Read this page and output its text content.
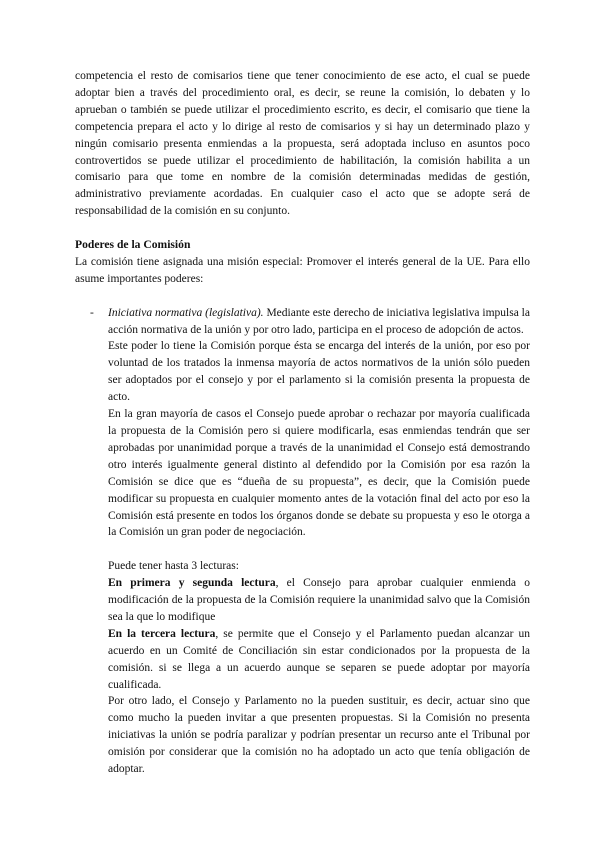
competencia el resto de comisarios tiene que tener conocimiento de ese acto, el cual se puede adoptar bien a través del procedimiento oral, es decir, se reune la comisión, lo debaten y lo aprueban o también se puede utilizar el procedimiento escrito, es decir, el comisario que tiene la competencia prepara el acto y lo dirige al resto de comisarios y si hay un determinado plazo y ningún comisario presenta enmiendas a la propuesta, será adoptada incluso en asuntos poco controvertidos se puede utilizar el procedimiento de habilitación, la comisión habilita a un comisario para que tome en nombre de la comisión determinadas medidas de gestión, administrativo previamente acordadas. En cualquier caso el acto que se adopte será de responsabilidad de la comisión en su conjunto.

Poderes de la Comisión

La comisión tiene asignada una misión especial: Promover el interés general de la UE. Para ello asume importantes poderes:

- Iniciativa normativa (legislativa). Mediante este derecho de iniciativa legislativa impulsa la acción normativa de la unión y por otro lado, participa en el proceso de adopción de actos.

Este poder lo tiene la Comisión porque ésta se encarga del interés de la unión, por eso por voluntad de los tratados la inmensa mayoría de actos normativos de la unión sólo pueden ser adoptados por el consejo y por el parlamento si la comisión presenta la propuesta de acto.

En la gran mayoría de casos el Consejo puede aprobar o rechazar por mayoría cualificada la propuesta de la Comisión pero si quiere modificarla, esas enmiendas tendrán que ser aprobadas por unanimidad porque a través de la unanimidad el Consejo está demostrando otro interés igualmente general distinto al defendido por la Comisión por esa razón la Comisión se dice que es “dueña de su propuesta”, es decir, que la Comisión puede modificar su propuesta en cualquier momento antes de la votación final del acto por eso la Comisión está presente en todos los órganos donde se debate su propuesta y eso le otorga a la Comisión un gran poder de negociación.

Puede tener hasta 3 lecturas:

En primera y segunda lectura, el Consejo para aprobar cualquier enmienda o modificación de la propuesta de la Comisión requiere la unanimidad salvo que la Comisión sea la que lo modifique

En la tercera lectura, se permite que el Consejo y el Parlamento puedan alcanzar un acuerdo en un Comité de Conciliación sin estar condicionados por la propuesta de la comisión. si se llega a un acuerdo aunque se separen se puede adoptar por mayoría cualificada.

Por otro lado, el Consejo y Parlamento no la pueden sustituir, es decir, actuar sino que como mucho la pueden invitar a que presenten propuestas. Si la Comisión no presenta iniciativas la unión se podría paralizar y podrían presentar un recurso ante el Tribunal por omisión por considerar que la comisión no ha adoptado un acto que tenía obligación de adoptar.
